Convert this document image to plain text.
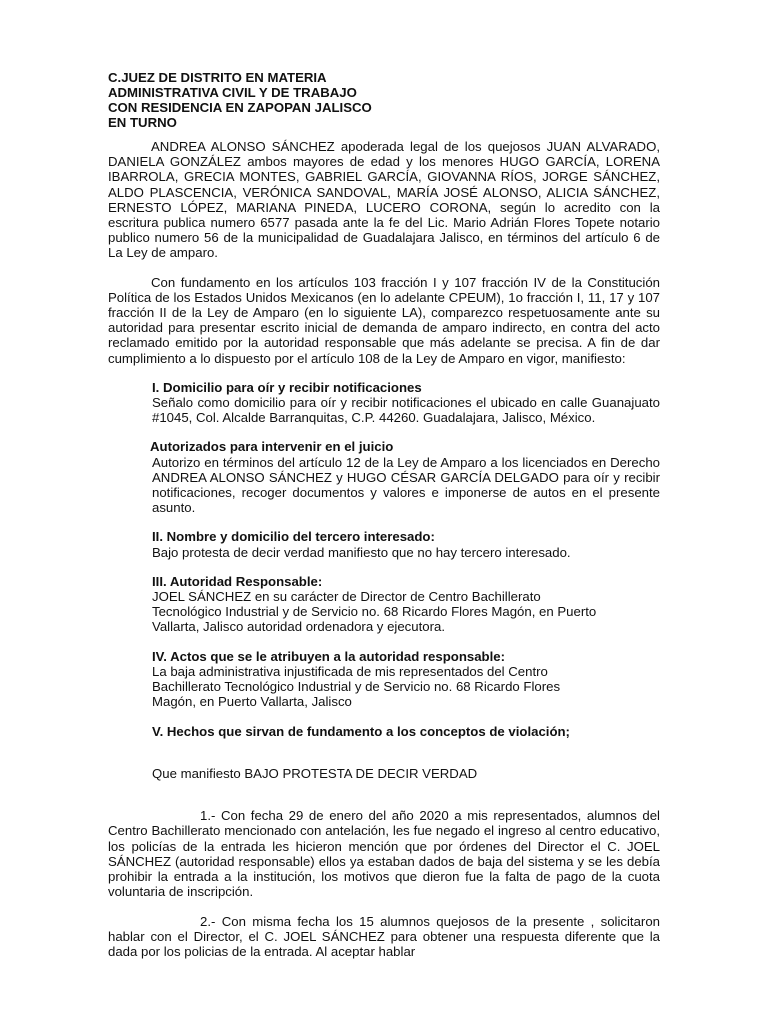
C.JUEZ DE DISTRITO EN MATERIA
ADMINISTRATIVA CIVIL Y DE TRABAJO
CON RESIDENCIA EN ZAPOPAN JALISCO
EN TURNO

ANDREA ALONSO SÁNCHEZ apoderada legal de los quejosos JUAN ALVARADO, DANIELA GONZÁLEZ ambos mayores de edad y los menores HUGO GARCÍA, LORENA IBARROLA, GRECIA MONTES, GABRIEL GARCÍA, GIOVANNA RÍOS, JORGE SÁNCHEZ, ALDO PLASCENCIA, VERÓNICA SANDOVAL, MARÍA JOSÉ ALONSO, ALICIA SÁNCHEZ, ERNESTO LÓPEZ, MARIANA PINEDA, LUCERO CORONA, según lo acredito con la escritura publica numero 6577 pasada ante la fe del Lic. Mario Adrián Flores Topete notario publico numero 56 de la municipalidad de Guadalajara Jalisco, en términos del artículo 6 de La Ley de amparo.

Con fundamento en los artículos 103 fracción I y 107 fracción IV de la Constitución Política de los Estados Unidos Mexicanos (en lo adelante CPEUM), 1o fracción I, 11, 17 y 107 fracción II de la Ley de Amparo (en lo siguiente LA), comparezco respetuosamente ante su autoridad para presentar escrito inicial de demanda de amparo indirecto, en contra del acto reclamado emitido por la autoridad responsable que más adelante se precisa. A fin de dar cumplimiento a lo dispuesto por el artículo 108 de la Ley de Amparo en vigor, manifiesto:

I. Domicilio para oír y recibir notificaciones

Señalo como domicilio para oír y recibir notificaciones el ubicado en calle Guanajuato #1045, Col. Alcalde Barranquitas, C.P. 44260. Guadalajara, Jalisco, México.

Autorizados para intervenir en el juicio

Autorizo en términos del artículo 12 de la Ley de Amparo a los licenciados en Derecho ANDREA ALONSO SÁNCHEZ y HUGO CÉSAR GARCÍA DELGADO para oír y recibir notificaciones, recoger documentos y valores e imponerse de autos en el presente asunto.

II. Nombre y domicilio del tercero interesado:

Bajo protesta de decir verdad manifiesto que no hay tercero interesado.

III. Autoridad Responsable:

JOEL SÁNCHEZ en su carácter de Director de Centro Bachillerato

Tecnológico Industrial y de Servicio no. 68 Ricardo Flores Magón, en Puerto

Vallarta, Jalisco autoridad ordenadora y ejecutora.

IV. Actos que se le atribuyen a la autoridad responsable:

La baja administrativa injustificada de mis representados del Centro

Bachillerato Tecnológico Industrial y de Servicio no. 68 Ricardo Flores

Magón, en Puerto Vallarta, Jalisco

V. Hechos que sirvan de fundamento a los conceptos de violación;

Que manifiesto BAJO PROTESTA DE DECIR VERDAD

1.- Con fecha 29 de enero del año 2020 a mis representados, alumnos del Centro Bachillerato mencionado con antelación, les fue negado el ingreso al centro educativo, los policías de la entrada les hicieron mención que por órdenes del Director el C. JOEL SÁNCHEZ (autoridad responsable) ellos ya estaban dados de baja del sistema y se les debía prohibir la entrada a la institución, los motivos que dieron fue la falta de pago de la cuota voluntaria de inscripción.

2.- Con misma fecha los 15 alumnos quejosos de la presente , solicitaron hablar con el Director, el C. JOEL SÁNCHEZ para obtener una respuesta diferente que la dada por los policias de la entrada. Al aceptar hablar
